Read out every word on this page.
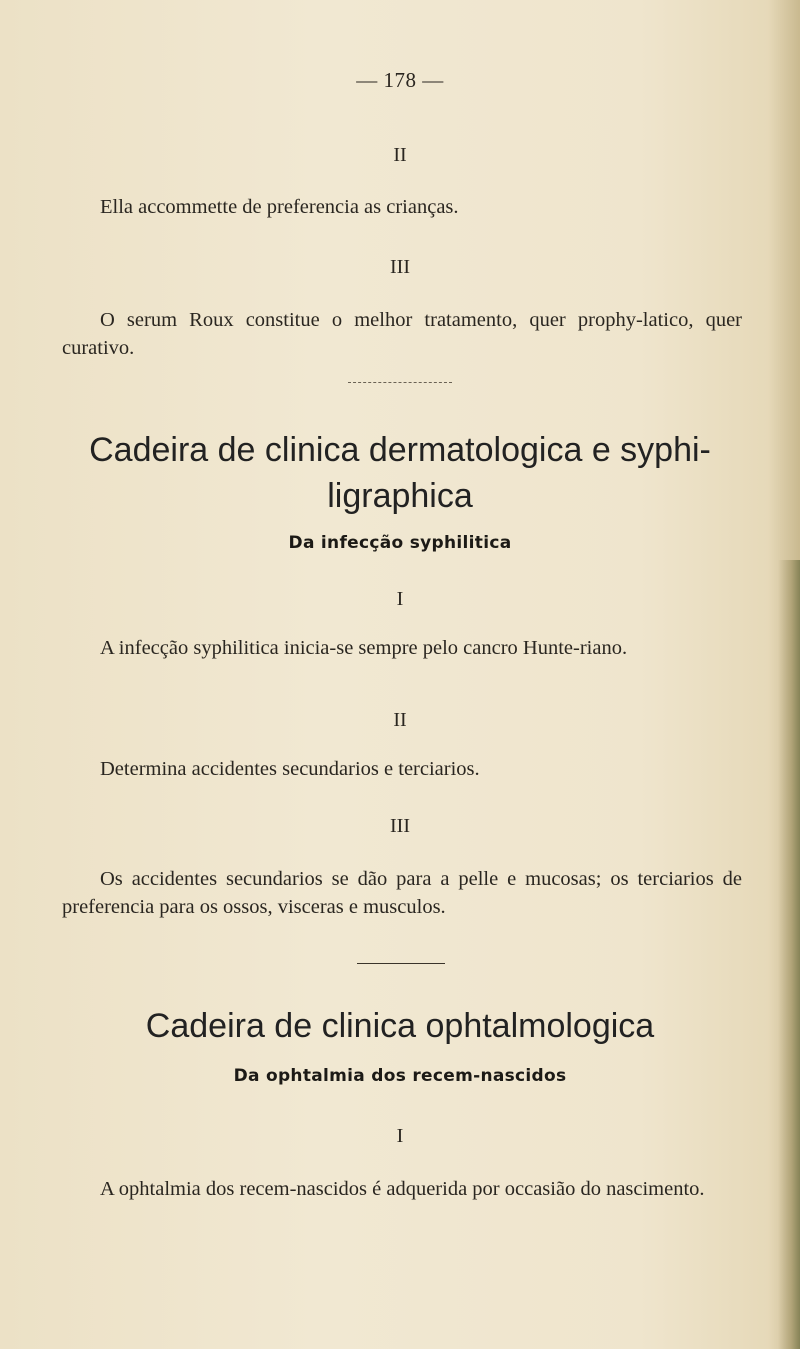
— 178 —
II
Ella accommette de preferencia as crianças.
III
O serum Roux constitue o melhor tratamento, quer prophy-latico, quer curativo.
Cadeira de clinica dermatologica e syphi-
ligraphica
Da infecção syphilitica
I
A infecção syphilitica inicia-se sempre pelo cancro Hunte-riano.
II
Determina accidentes secundarios e terciarios.
III
Os accidentes secundarios se dão para a pelle e mucosas; os terciarios de preferencia para os ossos, visceras e musculos.
Cadeira de clinica ophtalmologica
Da ophtalmia dos recem-nascidos
I
A ophtalmia dos recem-nascidos é adquerida por occasião do nascimento.
